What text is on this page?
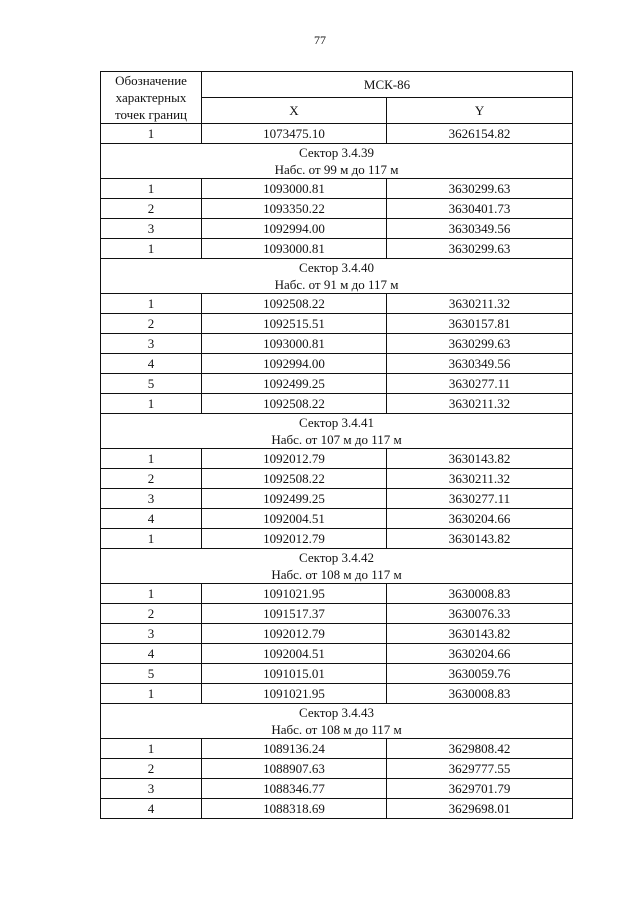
77
Обозначение характерных точек границ	МСК-86	
	X	Y
1	1073475.10	3626154.82

Сектор 3.4.39
Набс. от 99 м до 117 м		

1	1093000.81	3630299.63
2	1093350.22	3630401.73
3	1092994.00	3630349.56
1	1093000.81	3630299.63

Сектор 3.4.40
Набс. от 91 м до 117 м		

1	1092508.22	3630211.32
2	1092515.51	3630157.81
3	1093000.81	3630299.63
4	1092994.00	3630349.56
5	1092499.25	3630277.11
1	1092508.22	3630211.32

Сектор 3.4.41
Набс. от 107 м до 117 м		

1	1092012.79	3630143.82
2	1092508.22	3630211.32
3	1092499.25	3630277.11
4	1092004.51	3630204.66
1	1092012.79	3630143.82

Сектор 3.4.42
Набс. от 108 м до 117 м		

1	1091021.95	3630008.83
2	1091517.37	3630076.33
3	1092012.79	3630143.82
4	1092004.51	3630204.66
5	1091015.01	3630059.76
1	1091021.95	3630008.83

Сектор 3.4.43
Набс. от 108 м до 117 м		

1	1089136.24	3629808.42
2	1088907.63	3629777.55
3	1088346.77	3629701.79
4	1088318.69	3629698.01
